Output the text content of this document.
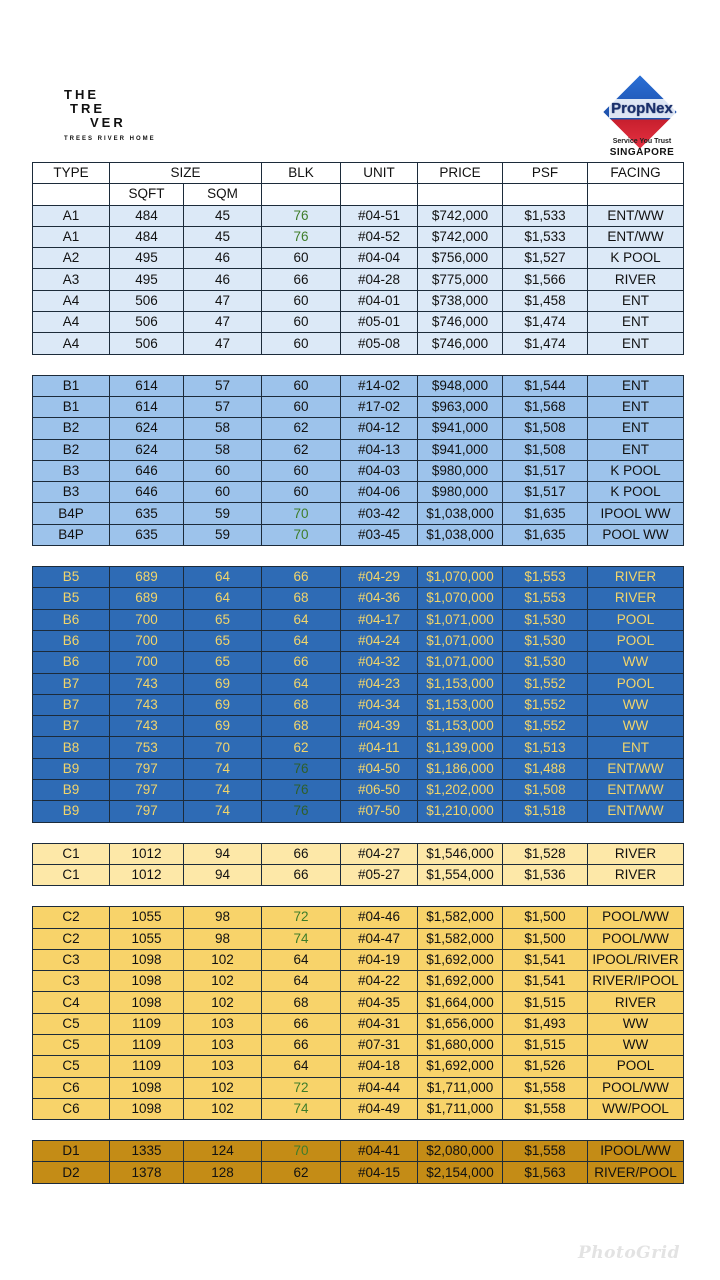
THE
TRE
VER
TREES RIVER HOME
PropNex
Service You Trust
SINGAPORE
TYPE	SIZE		BLK	UNIT	PRICE	PSF	FACING
	SQFT	SQM					
A1	484	45	76	#04-51	$742,000	$1,533	ENT/WW
A1	484	45	76	#04-52	$742,000	$1,533	ENT/WW
A2	495	46	60	#04-04	$756,000	$1,527	K POOL
A3	495	46	66	#04-28	$775,000	$1,566	RIVER
A4	506	47	60	#04-01	$738,000	$1,458	ENT
A4	506	47	60	#05-01	$746,000	$1,474	ENT
A4	506	47	60	#05-08	$746,000	$1,474	ENT

B1	614	57	60	#14-02	$948,000	$1,544	ENT
B1	614	57	60	#17-02	$963,000	$1,568	ENT
B2	624	58	62	#04-12	$941,000	$1,508	ENT
B2	624	58	62	#04-13	$941,000	$1,508	ENT
B3	646	60	60	#04-03	$980,000	$1,517	K POOL
B3	646	60	60	#04-06	$980,000	$1,517	K POOL
B4P	635	59	70	#03-42	$1,038,000	$1,635	IPOOL WW
B4P	635	59	70	#03-45	$1,038,000	$1,635	POOL WW

B5	689	64	66	#04-29	$1,070,000	$1,553	RIVER
B5	689	64	68	#04-36	$1,070,000	$1,553	RIVER
B6	700	65	64	#04-17	$1,071,000	$1,530	POOL
B6	700	65	64	#04-24	$1,071,000	$1,530	POOL
B6	700	65	66	#04-32	$1,071,000	$1,530	WW
B7	743	69	64	#04-23	$1,153,000	$1,552	POOL
B7	743	69	68	#04-34	$1,153,000	$1,552	WW
B7	743	69	68	#04-39	$1,153,000	$1,552	WW
B8	753	70	62	#04-11	$1,139,000	$1,513	ENT
B9	797	74	76	#04-50	$1,186,000	$1,488	ENT/WW
B9	797	74	76	#06-50	$1,202,000	$1,508	ENT/WW
B9	797	74	76	#07-50	$1,210,000	$1,518	ENT/WW

C1	1012	94	66	#04-27	$1,546,000	$1,528	RIVER
C1	1012	94	66	#05-27	$1,554,000	$1,536	RIVER

C2	1055	98	72	#04-46	$1,582,000	$1,500	POOL/WW
C2	1055	98	74	#04-47	$1,582,000	$1,500	POOL/WW
C3	1098	102	64	#04-19	$1,692,000	$1,541	IPOOL/RIVER
C3	1098	102	64	#04-22	$1,692,000	$1,541	RIVER/IPOOL
C4	1098	102	68	#04-35	$1,664,000	$1,515	RIVER
C5	1109	103	66	#04-31	$1,656,000	$1,493	WW
C5	1109	103	66	#07-31	$1,680,000	$1,515	WW
C5	1109	103	64	#04-18	$1,692,000	$1,526	POOL
C6	1098	102	72	#04-44	$1,711,000	$1,558	POOL/WW
C6	1098	102	74	#04-49	$1,711,000	$1,558	WW/POOL

D1	1335	124	70	#04-41	$2,080,000	$1,558	IPOOL/WW
D2	1378	128	62	#04-15	$2,154,000	$1,563	RIVER/POOL
PhotoGrid
